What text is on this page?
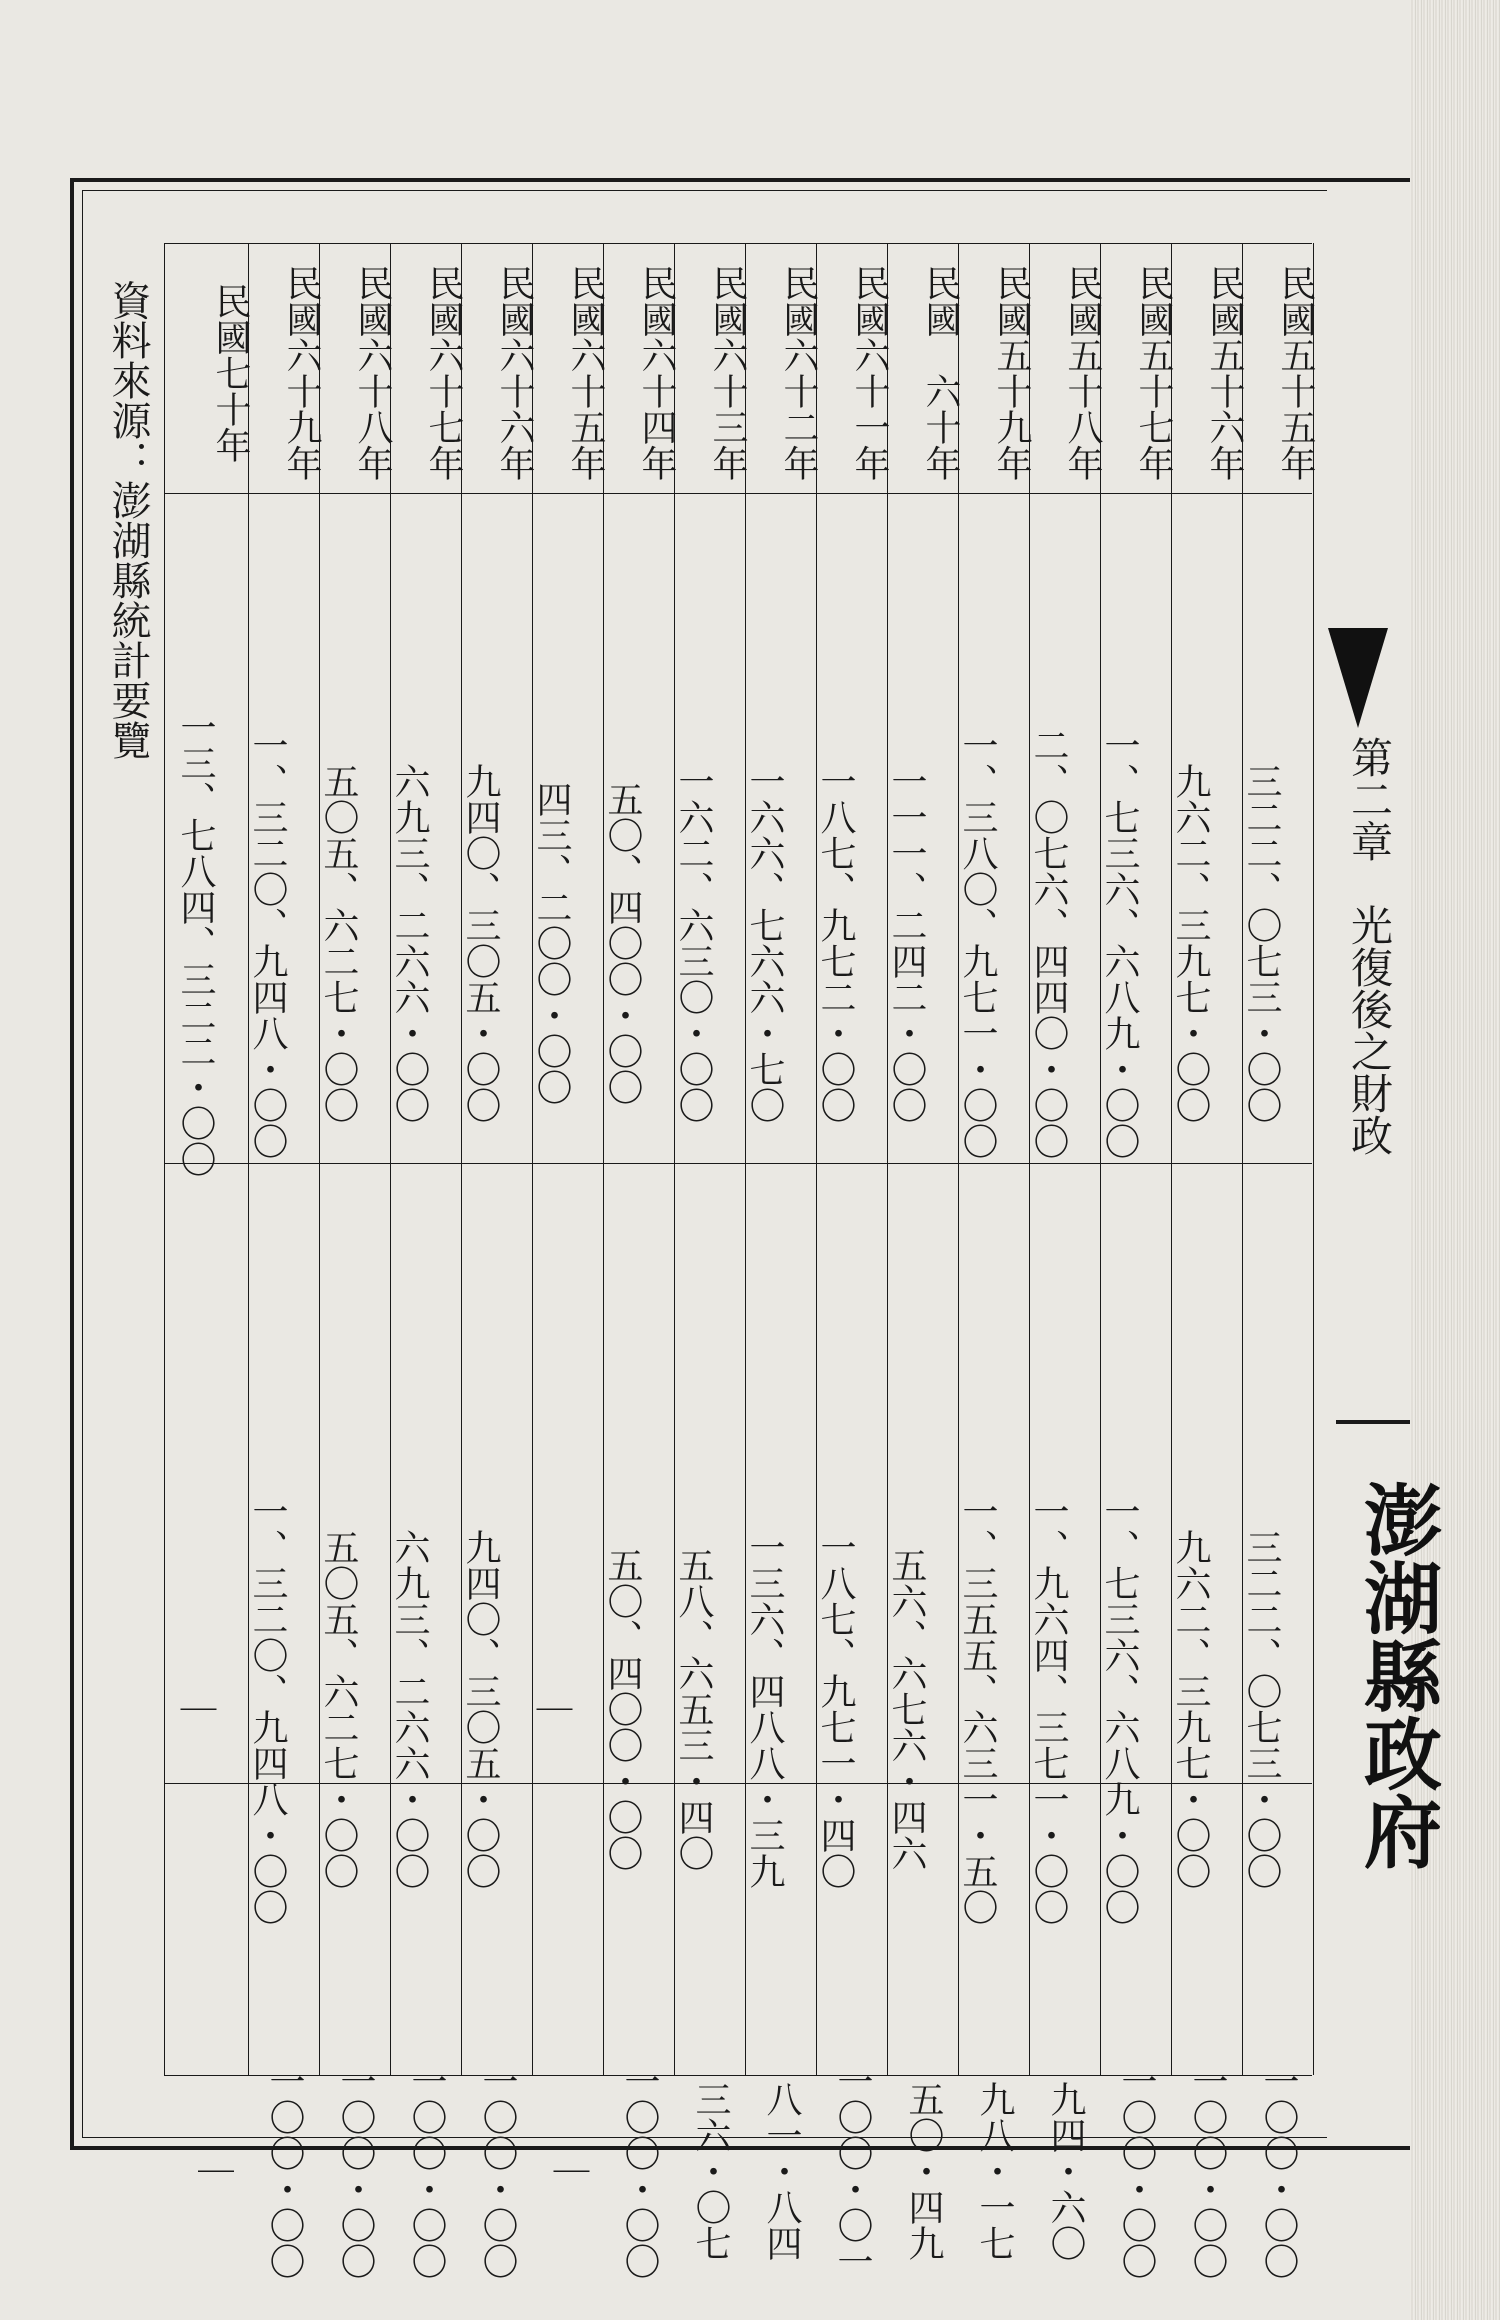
第二章　光復後之財政
澎湖縣政府
民國五十五年
三二二、〇七三・〇〇
三二二、〇七三・〇〇
一〇〇・〇〇
民國五十六年
九六二、三九七・〇〇
九六二、三九七・〇〇
一〇〇・〇〇
民國五十七年
一、七三六、六八九・〇〇
一、七三六、六八九・〇〇
一〇〇・〇〇
民國五十八年
二、〇七六、四四〇・〇〇
一、九六四、三七一・〇〇
九四・六〇
民國五十九年
一、三八〇、九七一・〇〇
一、三五五、六三一・五〇
九八・一七
民國　六十年
一一一、二四二・〇〇
五六、六七六・四六
五〇・四九
民國六十一年
一八七、九七二・〇〇
一八七、九七一・四〇
一〇〇・〇一
民國六十二年
一六六、七六六・七〇
一三六、四八八・三九
八一・八四
民國六十三年
一六二、六三〇・〇〇
五八、六五三・四〇
三六・〇七
民國六十四年
五〇、四〇〇・〇〇
五〇、四〇〇・〇〇
一〇〇・〇〇
民國六十五年
四三、二〇〇・〇〇
｜
｜
民國六十六年
九四〇、三〇五・〇〇
九四〇、三〇五・〇〇
一〇〇・〇〇
民國六十七年
六九三、二六六・〇〇
六九三、二六六・〇〇
一〇〇・〇〇
民國六十八年
五〇五、六二七・〇〇
五〇五、六二七・〇〇
一〇〇・〇〇
民國六十九年
一、三二〇、九四八・〇〇
一、三二〇、九四八・〇〇
一〇〇・〇〇
民國七十年
一三、七八四、三二二・〇〇
｜
｜
資料來源：澎湖縣統計要覽
